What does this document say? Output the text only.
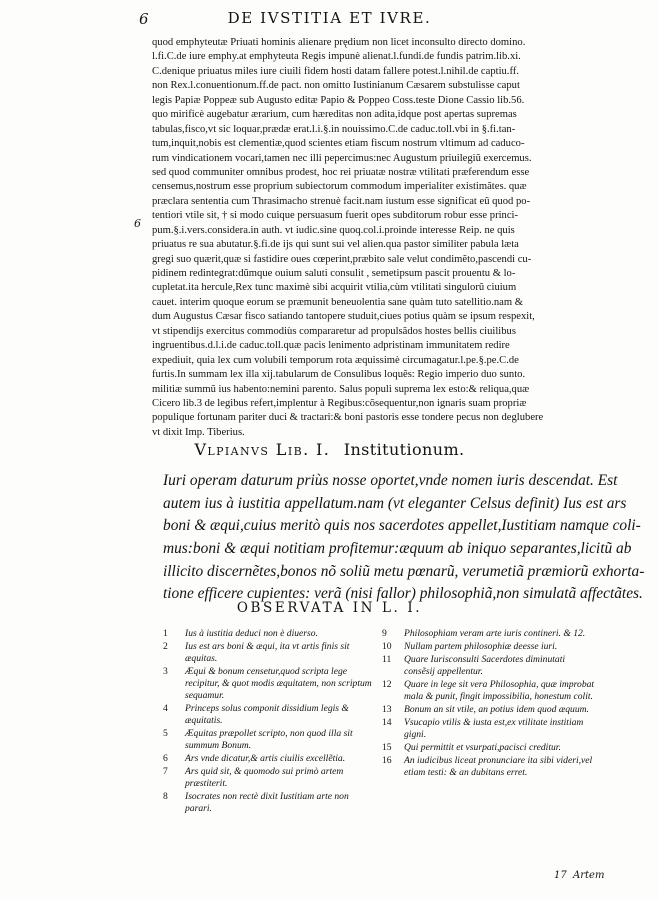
6	DE IVSTITIA ET IVRE.
6
quod emphyteutæ Priuati hominis alienare prędium non licet inconsulto directo domino.
l.fi.C.de iure emphy.at emphyteuta Regis impunè alienat.l.fundi.de fundis patrim.lib.xi.
C.denique priuatus miles iure ciuili fidem hosti datam fallere potest.l.nihil.de captiu.ff.
non Rex.l.conuentionum.ff.de pact. non omitto Iustinianum Cæsarem substulisse caput
legis Papiæ Poppeæ sub Augusto editæ Papio & Poppeo Coss.teste Dione Cassio lib.56.
quo mirificè augebatur ærarium, cum hæreditas non adita,idque post apertas supremas
tabulas,fisco,vt sic loquar,prædæ erat.l.i.§.in nouissimo.C.de caduc.toll.vbi in §.fi.tan-
tum,inquit,nobis est clementiæ,quod scientes etiam fiscum nostrum vltimum ad caduco-
rum vindicationem vocari,tamen nec illi pepercimus:nec Augustum priuilegiũ exercemus.
sed quod communiter omnibus prodest, hoc rei priuatæ nostræ vtilitati præferendum esse
censemus,nostrum esse proprium subiectorum commodum imperialiter existimãtes. quæ
præclara sententia cum Thrasimacho strenuè facit.nam iustum esse significat eũ quod po-
tentiori vtile sit, † si modo cuique persuasum fuerit opes subditorum robur esse princi-
pum.§.i.vers.considera.in auth. vt iudic.sine quoq.col.i.proinde interesse Reip. ne quis
priuatus re sua abutatur.§.fi.de ijs qui sunt sui vel alien.qua pastor similiter pabula læta
gregi suo quærit,quæ si fastidire oues cœperint,præbito sale velut condimẽto,pascendi cu-
pidinem redintegrat:dũmque ouium saluti consulit , semetipsum pascit prouentu & lo-
cupletat.ita hercule,Rex tunc maximè sibi acquirit vtilia,cùm vtilitati singulorũ ciuium
cauet. interim quoque eorum se præmunit beneuolentia sane quàm tuto satellitio.nam &
dum Augustus Cæsar fisco satiando tantopere studuit,ciues potius quàm se ipsum respexit,
vt stipendijs exercitus commodiùs compararetur ad propulsãdos hostes bellis ciuilibus
ingruentibus.d.l.i.de caduc.toll.quæ pacis lenimento adpristinam immunitatem redire
expediuit, quia lex cum volubili temporum rota æquissimè circumagatur.l.pe.§.pe.C.de
furtis.In summam lex illa xij.tabularum de Consulibus loquẽs: Regio imperio duo sunto.
militiæ summũ ius habento:nemini parento. Salus populi suprema lex esto:& reliqua,quæ
Cicero lib.3 de legibus refert,implentur à Regibus:cõsequentur,non ignaris suam propriæ
populique fortunam pariter duci & tractari:& boni pastoris esse tondere pecus non deglubere
vt dixit Imp. Tiberius.
Vlpianvs Lib. I. Institutionum.
Iuri operam daturum priùs nosse oportet,vnde nomen iuris descendat. Est
autem ius à iustitia appellatum.nam (vt eleganter Celsus definit) Ius est ars
boni & æqui,cuius meritò quis nos sacerdotes appellet,Iustitiam namque coli-
mus:boni & æqui notitiam profitemur:æquum ab iniquo separantes,licitũ ab
illicito discernẽtes,bonos nõ soliũ metu pœnarũ, verumetiã præmiorũ exhorta-
tione efficere cupientes: verã (nisi fallor) philosophiã,non simulatã affectãtes.
OBSERVATA IN L. I.
1 Ius à iustitia deduci non è diuerso.
2 Ius est ars boni & æqui, ita vt artis finis sit æquitas.
3 Æqui & bonum censetur,quod scripta lege recipitur, & quot modis æquitatem, non scriptum sequamur.
4 Princeps solus componit dissidium legis & æquitatis.
5 Æquitas præpollet scripto, non quod illa sit summum Bonum.
6 Ars vnde dicatur,& artis ciuilis excellẽtia.
7 Ars quid sit, & quomodo sui primò artem præstiterit.
8 Isocrates non rectè dixit Iustitiam arte non parari.
9 Philosophiam veram arte iuris contineri. & 12.
10 Nullam partem philosophiæ deesse iuri.
11 Quare Iurisconsulti Sacerdotes diminutati consẽsij appellentur.
12 Quare in lege sit vera Philosophia, quæ improbat mala & punit, fingit impossibilia, honestum colit.
13 Bonum an sit vtile, an potius idem quod æquum.
14 Vsucapio vtilis & iusta est,ex vtilitate institiam gigni.
15 Qui permittit et vsurpati,pacisci creditur.
16 An iudicibus liceat pronunciare ita sibi videri,vel etiam testi: & an dubitans erret.
17 Artem
